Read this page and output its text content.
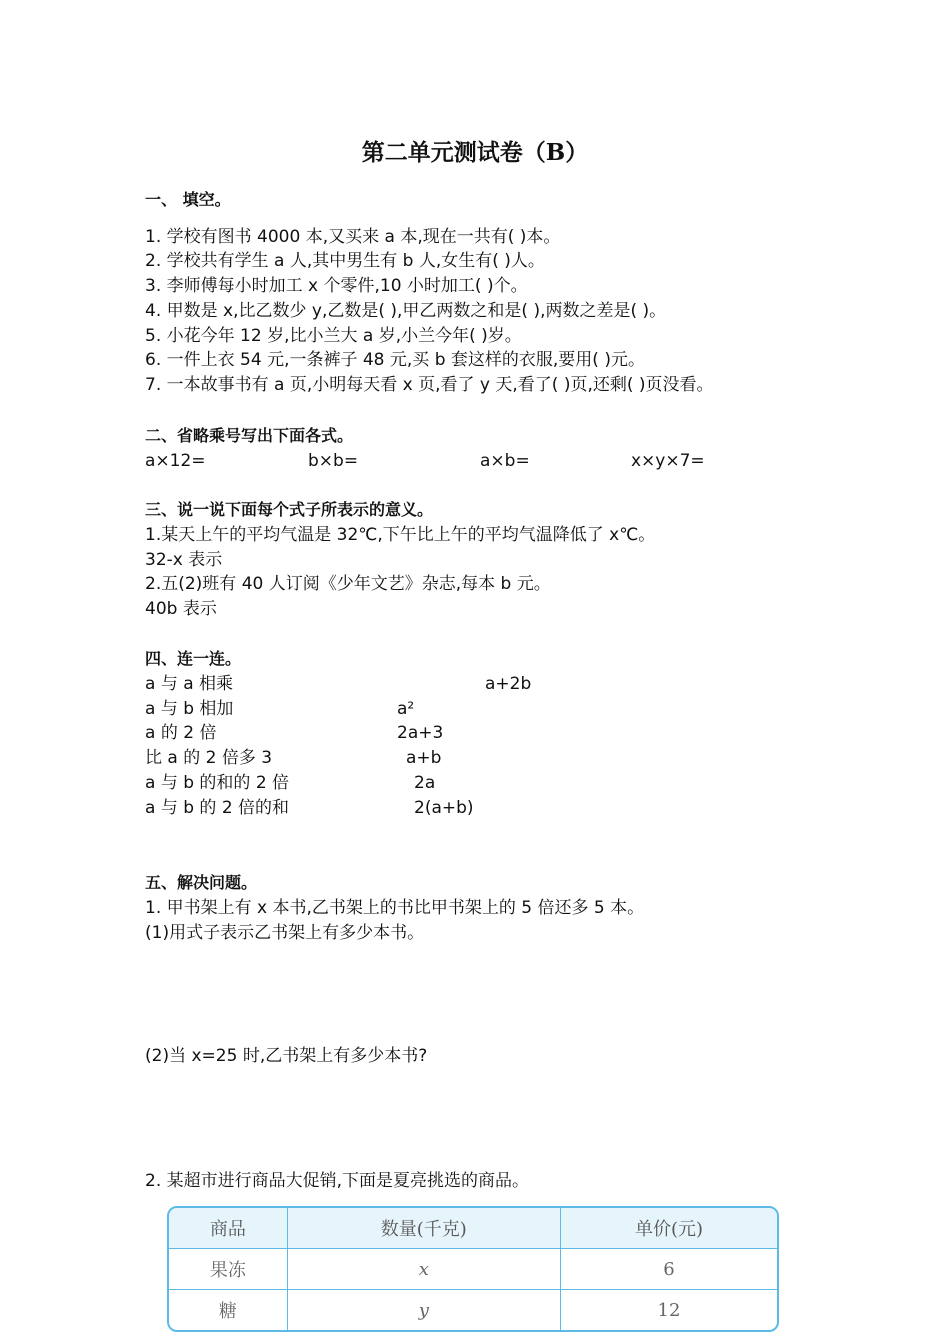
第二单元测试卷（B）
一、 填空。
1. 学校有图书 4000 本,又买来 a 本,现在一共有( )本。
2. 学校共有学生 a 人,其中男生有 b 人,女生有( )人。
3. 李师傅每小时加工 x 个零件,10 小时加工( )个。
4. 甲数是 x,比乙数少 y,乙数是( ),甲乙两数之和是( ),两数之差是( )。
5. 小花今年 12 岁,比小兰大 a 岁,小兰今年( )岁。
6. 一件上衣 54 元,一条裤子 48 元,买 b 套这样的衣服,要用( )元。
7. 一本故事书有 a 页,小明每天看 x 页,看了 y 天,看了( )页,还剩( )页没看。
二、省略乘号写出下面各式。
a×12=	b×b=	a×b=	x×y×7=
三、说一说下面每个式子所表示的意义。
1.某天上午的平均气温是 32℃,下午比上午的平均气温降低了 x℃。
32-x 表示
2.五(2)班有 40 人订阅《少年文艺》杂志,每本 b 元。
40b 表示
四、连一连。
a 与 a 相乘
a 与 b 相加
a 的 2 倍
比 a 的 2 倍多 3
a 与 b 的和的 2 倍
a 与 b 的 2 倍的和
a+2b
a²
2a+3
a+b
2a
2(a+b)
五、解决问题。
1. 甲书架上有 x 本书,乙书架上的书比甲书架上的 5 倍还多 5 本。
(1)用式子表示乙书架上有多少本书。
(2)当 x=25 时,乙书架上有多少本书?
2. 某超市进行商品大促销,下面是夏亮挑选的商品。
商品	数量(千克)	单价(元)
果冻	x	6
糖	y	12
